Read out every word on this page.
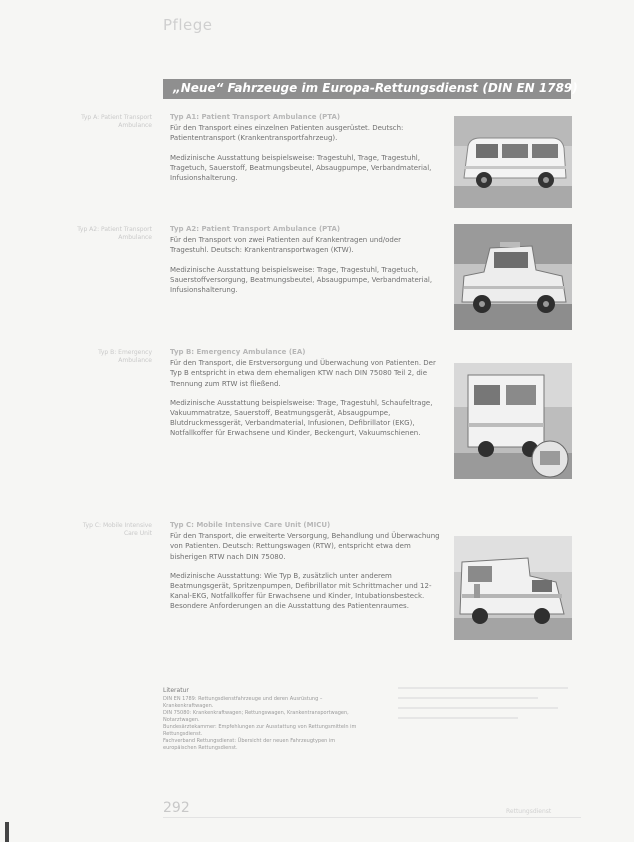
Pflege
„Neue“ Fahrzeuge im Europa-Rettungsdienst (DIN EN 1789)
Typ A: Patient Transport Ambulance
Typ A1: Patient Transport Ambulance (PTA)

Für den Transport eines einzelnen Patienten ausgerüstet. Deutsch: Patiententransport (Krankentransportfahrzeug).

Medizinische Ausstattung beispielsweise: Tragestuhl, Trage, Tragestuhl, Tragetuch, Sauerstoff, Beatmungsbeutel, Absaugpumpe, Verbandmaterial, Infusionshalterung.

Typ A2: Patient Transport Ambulance
Typ A2: Patient Transport Ambulance (PTA)

Für den Transport von zwei Patienten auf Krankentragen und/oder Tragestuhl. Deutsch: Krankentransportwagen (KTW).

Medizinische Ausstattung beispielsweise: Trage, Tragestuhl, Tragetuch, Sauerstoffversorgung, Beatmungsbeutel, Absaugpumpe, Verbandmaterial, Infusionshalterung.

Typ B: Emergency Ambulance
Typ B: Emergency Ambulance (EA)

Für den Transport, die Erstversorgung und Überwachung von Patienten. Der Typ B entspricht in etwa dem ehemaligen KTW nach DIN 75080 Teil 2, die Trennung zum RTW ist fließend.

Medizinische Ausstattung beispielsweise: Trage, Tragestuhl, Schaufeltrage, Vakuummatratze, Sauerstoff, Beatmungsgerät, Absaugpumpe, Blutdruckmessgerät, Verbandmaterial, Infusionen, Defibrillator (EKG), Notfallkoffer für Erwachsene und Kinder, Beckengurt, Vakuumschienen.

Typ C: Mobile Intensive Care Unit
Typ C: Mobile Intensive Care Unit (MICU)

Für den Transport, die erweiterte Versorgung, Behandlung und Überwachung von Patienten. Deutsch: Rettungswagen (RTW), entspricht etwa dem bisherigen RTW nach DIN 75080.

Medizinische Ausstattung: Wie Typ B, zusätzlich unter anderem Beatmungsgerät, Spritzenpumpen, Defibrillator mit Schrittmacher und 12-Kanal-EKG, Notfallkoffer für Erwachsene und Kinder, Intubationsbesteck. Besondere Anforderungen an die Ausstattung des Patientenraumes.

Literatur
DIN EN 1789: Rettungsdienstfahrzeuge und deren Ausrüstung – Krankenkraftwagen.
DIN 75080: Krankenkraftwagen; Rettungswagen, Krankentransportwagen, Notarztwagen.
Bundesärztekammer: Empfehlungen zur Ausstattung von Rettungsmitteln im Rettungsdienst.
Fachverband Rettungsdienst: Übersicht der neuen Fahrzeugtypen im europäischen Rettungsdienst.
292	Rettungsdienst
